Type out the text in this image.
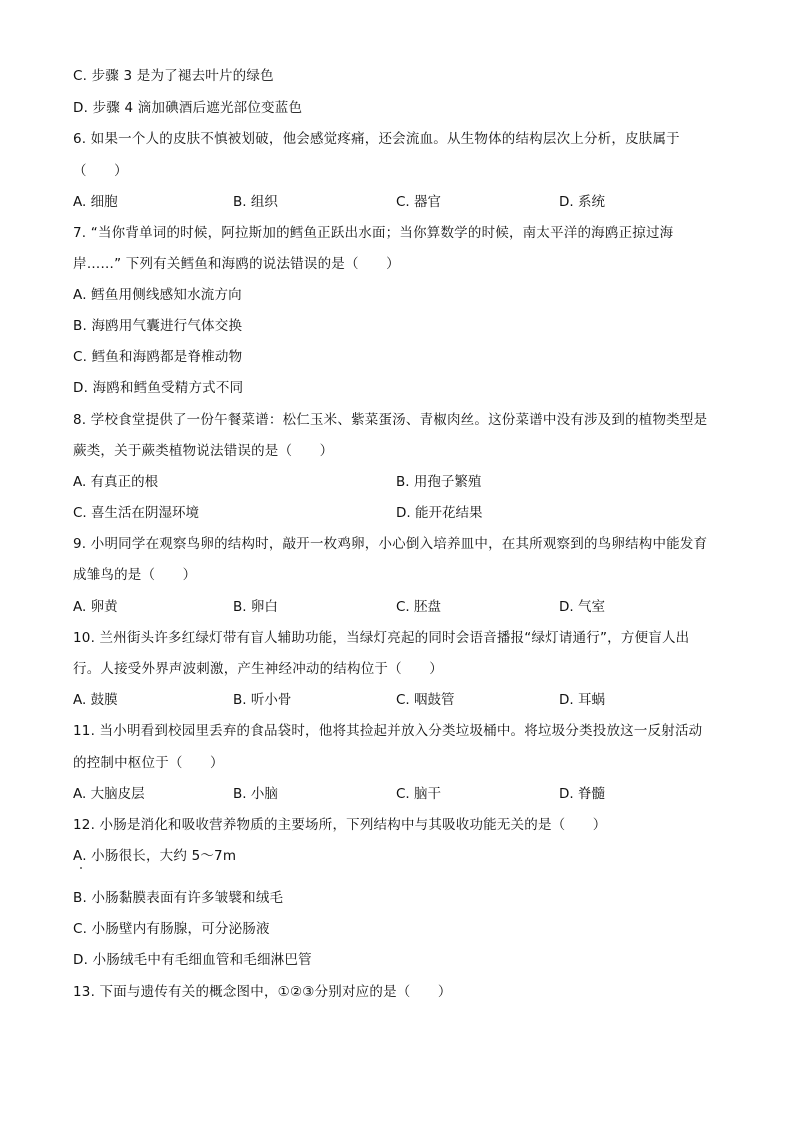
C. 步骤 3 是为了褪去叶片的绿色
D. 步骤 4 滴加碘酒后遮光部位变蓝色
6. 如果一个人的皮肤不慎被划破，他会感觉疼痛，还会流血。从生物体的结构层次上分析，皮肤属于
（　　）
A. 细胞	B. 组织	C. 器官	D. 系统
7. “当你背单词的时候，阿拉斯加的鳕鱼正跃出水面；当你算数学的时候，南太平洋的海鸥正掠过海
岸……” 下列有关鳕鱼和海鸥的说法错误的是（　　）
A. 鳕鱼用侧线感知水流方向
B. 海鸥用气囊进行气体交换
C. 鳕鱼和海鸥都是脊椎动物
D. 海鸥和鳕鱼受精方式不同
8. 学校食堂提供了一份午餐菜谱：松仁玉米、紫菜蛋汤、青椒肉丝。这份菜谱中没有涉及到的植物类型是
蕨类，关于蕨类植物说法错误的是（　　）
A. 有真正的根	B. 用孢子繁殖
C. 喜生活在阴湿环境	D. 能开花结果
9. 小明同学在观察鸟卵的结构时，敲开一枚鸡卵，小心倒入培养皿中，在其所观察到的鸟卵结构中能发育
成雏鸟的是（　　）
A. 卵黄	B. 卵白	C. 胚盘	D. 气室
10. 兰州街头许多红绿灯带有盲人辅助功能，当绿灯亮起的同时会语音播报“绿灯请通行”，方便盲人出
行。人接受外界声波刺激，产生神经冲动的结构位于（　　）
A. 鼓膜	B. 听小骨	C. 咽鼓管	D. 耳蜗
11. 当小明看到校园里丢弃的食品袋时，他将其捡起并放入分类垃圾桶中。将垃圾分类投放这一反射活动
的控制中枢位于（　　）
A. 大脑皮层	B. 小脑	C. 脑干	D. 脊髓
12. 小肠是消化和吸收营养物质的主要场所，下列结构中与其吸收功能无关的是（　　）
A. 小肠很长，大约 5～7m
B. 小肠黏膜表面有许多皱襞和绒毛
C. 小肠壁内有肠腺，可分泌肠液
D. 小肠绒毛中有毛细血管和毛细淋巴管
13. 下面与遗传有关的概念图中，①②③分别对应的是（　　）
